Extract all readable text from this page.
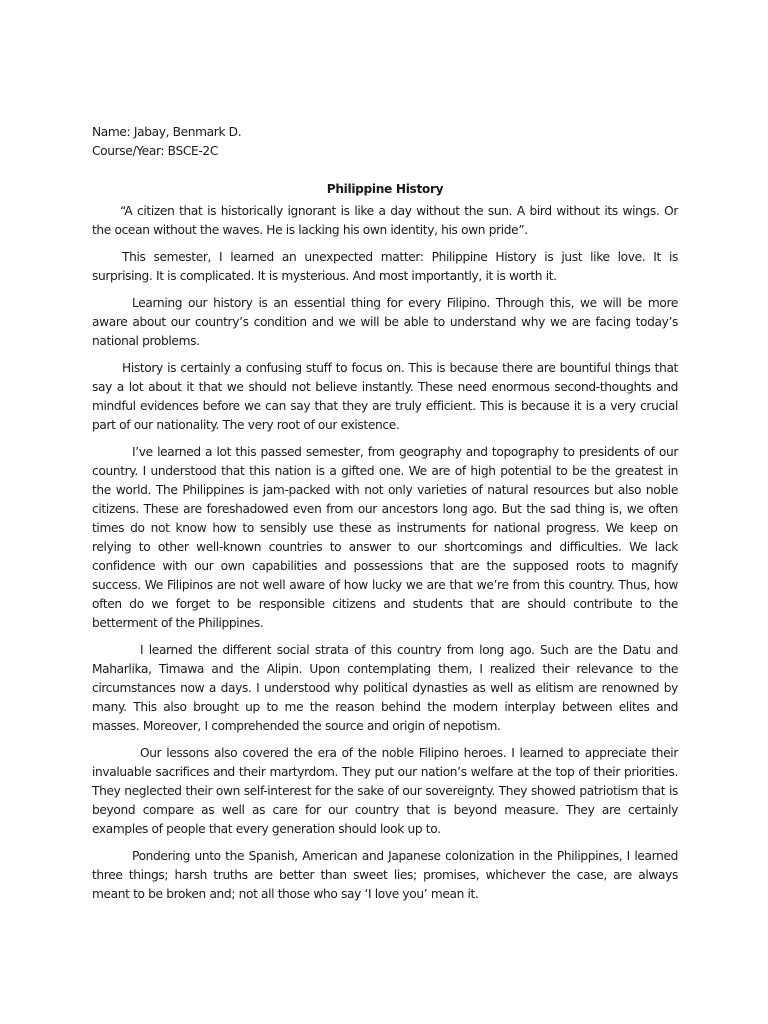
Name: Jabay, Benmark D.

Course/Year: BSCE-2C

Philippine History

“A citizen that is historically ignorant is like a day without the sun. A bird without its wings. Or the ocean without the waves. He is lacking his own identity, his own pride”.

This semester, I learned an unexpected matter: Philippine History is just like love. It is surprising. It is complicated. It is mysterious. And most importantly, it is worth it.

Learning our history is an essential thing for every Filipino. Through this, we will be more aware about our country’s condition and we will be able to understand why we are facing today’s national problems.

History is certainly a confusing stuff to focus on. This is because there are bountiful things that say a lot about it that we should not believe instantly. These need enormous second-thoughts and mindful evidences before we can say that they are truly efficient. This is because it is a very crucial part of our nationality. The very root of our existence.

I’ve learned a lot this passed semester, from geography and topography to presidents of our country. I understood that this nation is a gifted one. We are of high potential to be the greatest in the world. The Philippines is jam-packed with not only varieties of natural resources but also noble citizens. These are foreshadowed even from our ancestors long ago. But the sad thing is, we often times do not know how to sensibly use these as instruments for national progress. We keep on relying to other well-known countries to answer to our shortcomings and difficulties. We lack confidence with our own capabilities and possessions that are the supposed roots to magnify success. We Filipinos are not well aware of how lucky we are that we’re from this country. Thus, how often do we forget to be responsible citizens and students that are should contribute to the betterment of the Philippines.

I learned the different social strata of this country from long ago. Such are the Datu and Maharlika, Timawa and the Alipin. Upon contemplating them, I realized their relevance to the circumstances now a days. I understood why political dynasties as well as elitism are renowned by many. This also brought up to me the reason behind the modern interplay between elites and masses. Moreover, I comprehended the source and origin of nepotism.

Our lessons also covered the era of the noble Filipino heroes. I learned to appreciate their invaluable sacrifices and their martyrdom. They put our nation’s welfare at the top of their priorities. They neglected their own self-interest for the sake of our sovereignty. They showed patriotism that is beyond compare as well as care for our country that is beyond measure. They are certainly examples of people that every generation should look up to.

Pondering unto the Spanish, American and Japanese colonization in the Philippines, I learned three things; harsh truths are better than sweet lies; promises, whichever the case, are always meant to be broken and; not all those who say ‘I love you’ mean it.
